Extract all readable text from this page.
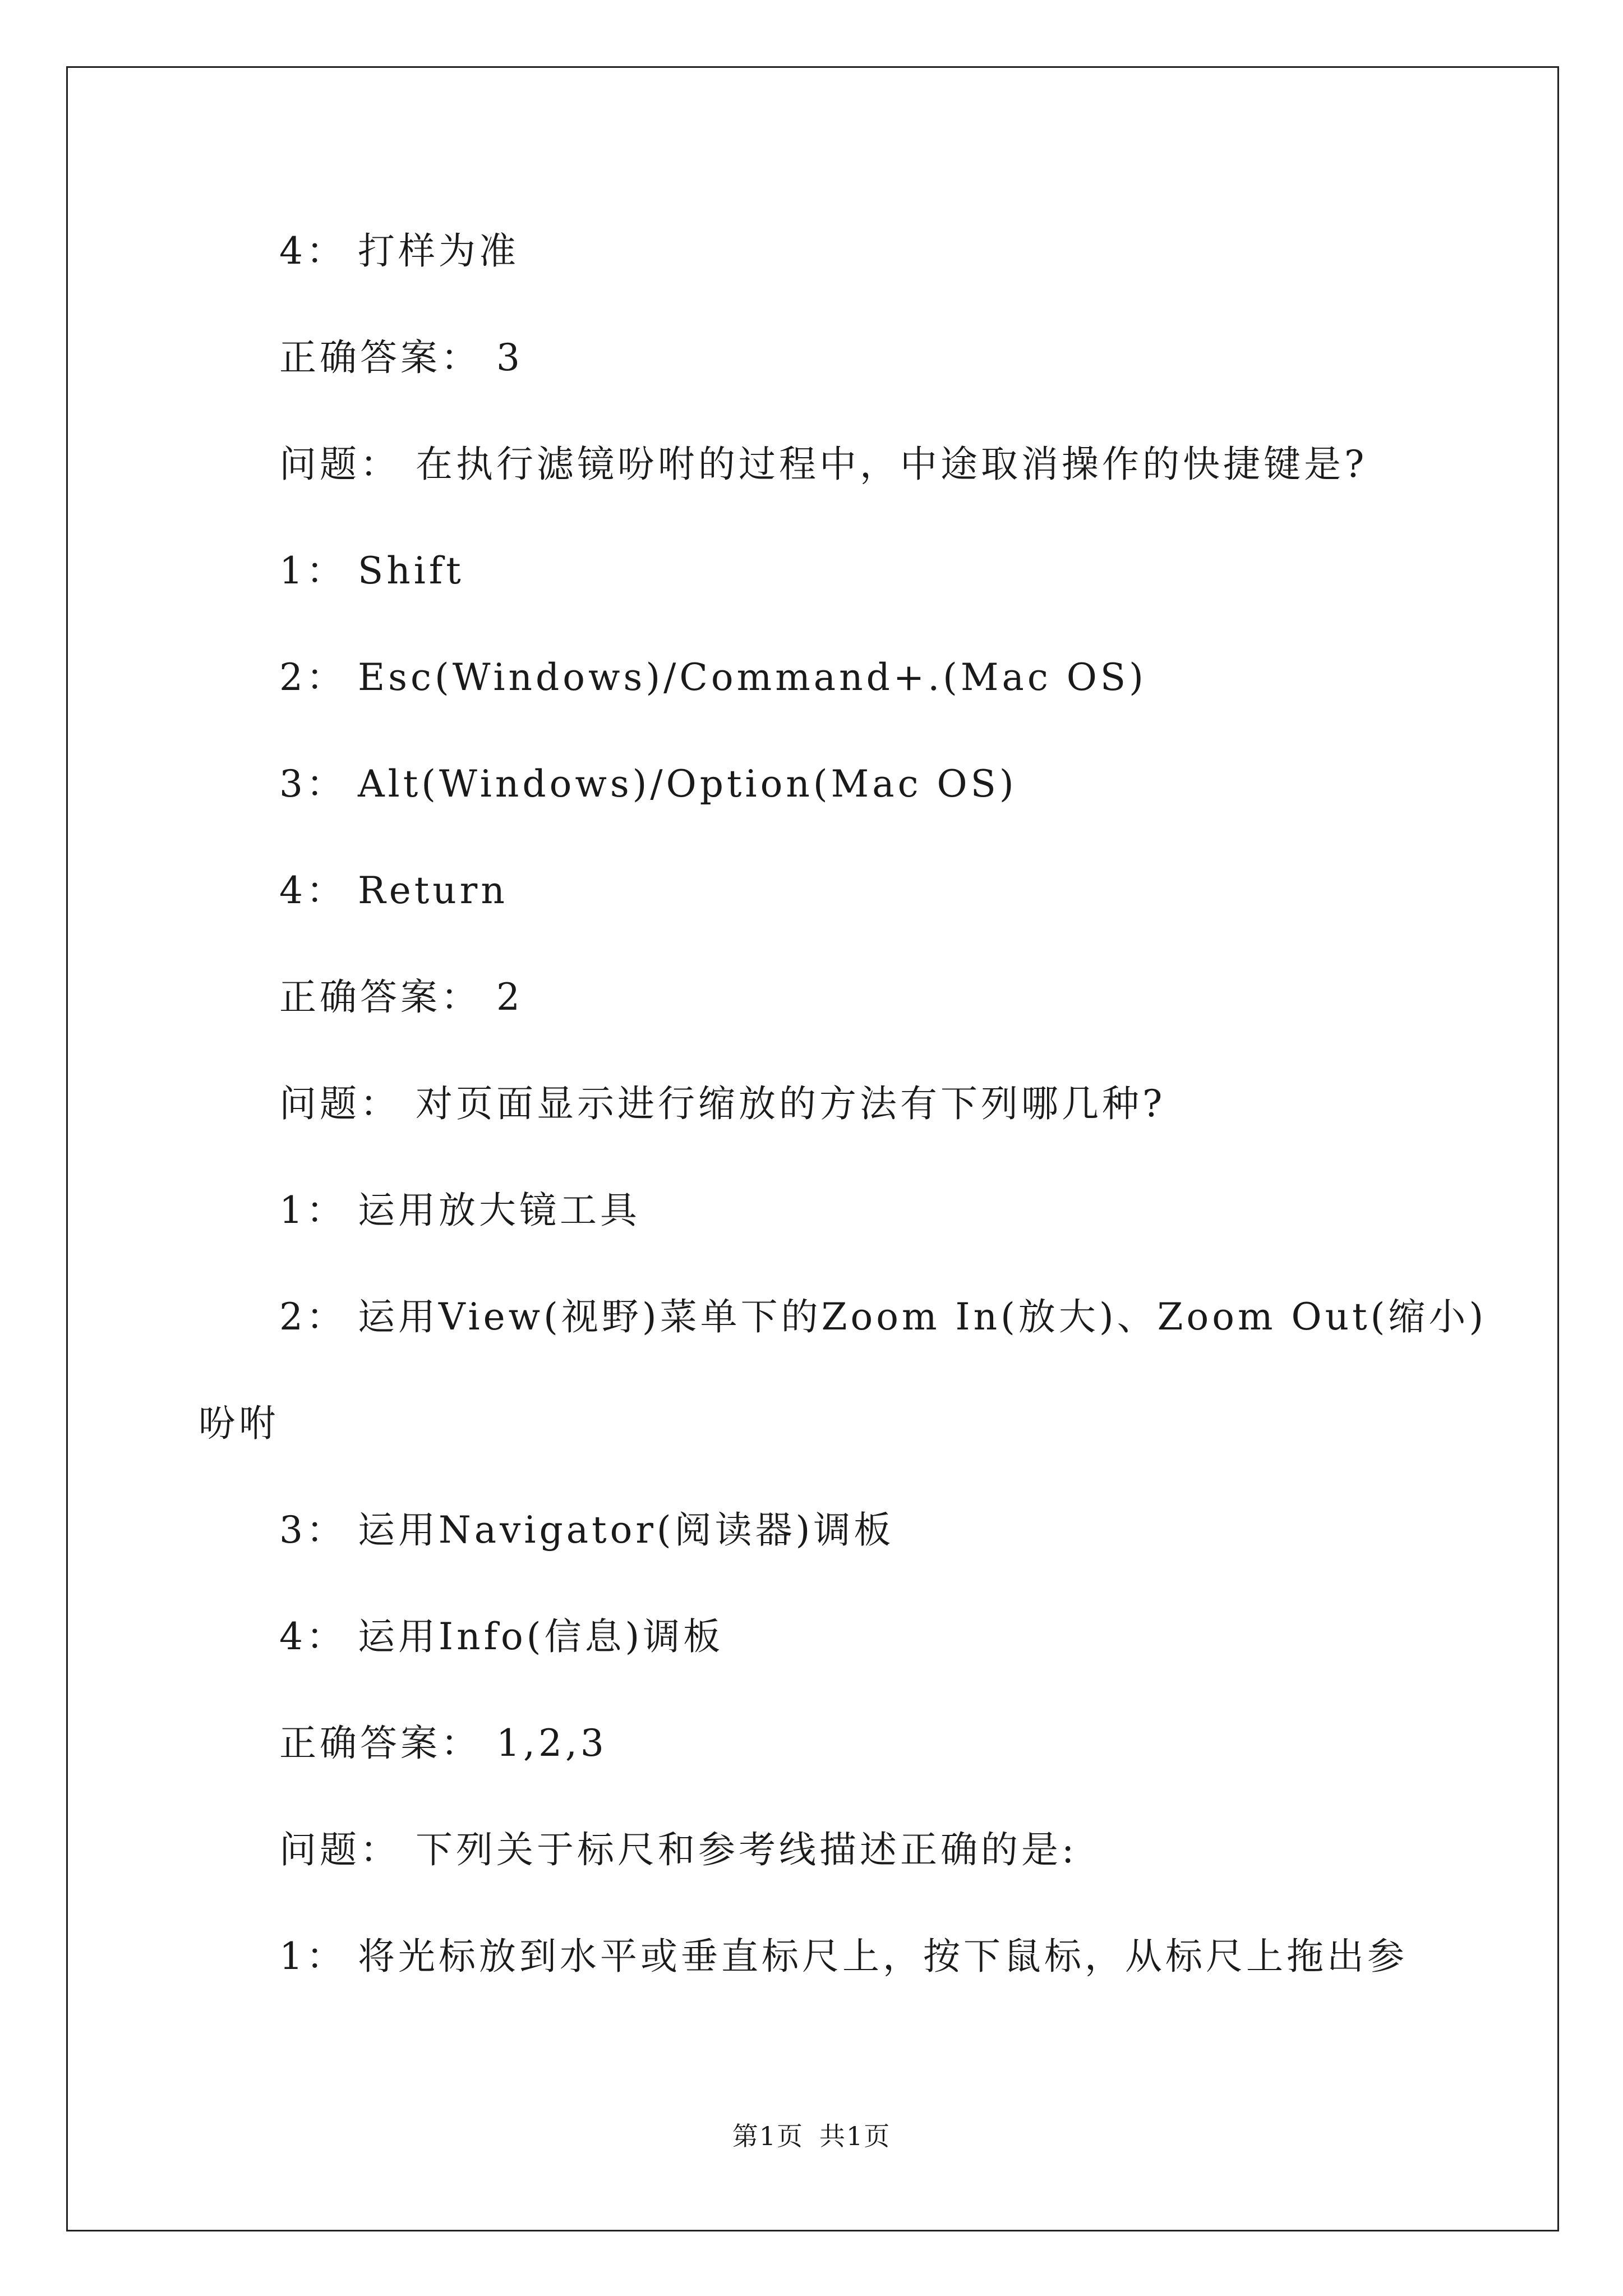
4： 打样为准
正确答案： 3
问题： 在执行滤镜吩咐的过程中，中途取消操作的快捷键是?
1： Shift
2： Esc(Windows)/Command+.(Mac OS)
3： Alt(Windows)/Option(Mac OS)
4： Return
正确答案： 2
问题： 对页面显示进行缩放的方法有下列哪几种?
1： 运用放大镜工具
2： 运用View(视野)菜单下的Zoom In(放大)、Zoom Out(缩小)
吩咐
3： 运用Navigator(阅读器)调板
4： 运用Info(信息)调板
正确答案： 1,2,3
问题： 下列关于标尺和参考线描述正确的是:
1： 将光标放到水平或垂直标尺上，按下鼠标，从标尺上拖出参
第1页 共1页
